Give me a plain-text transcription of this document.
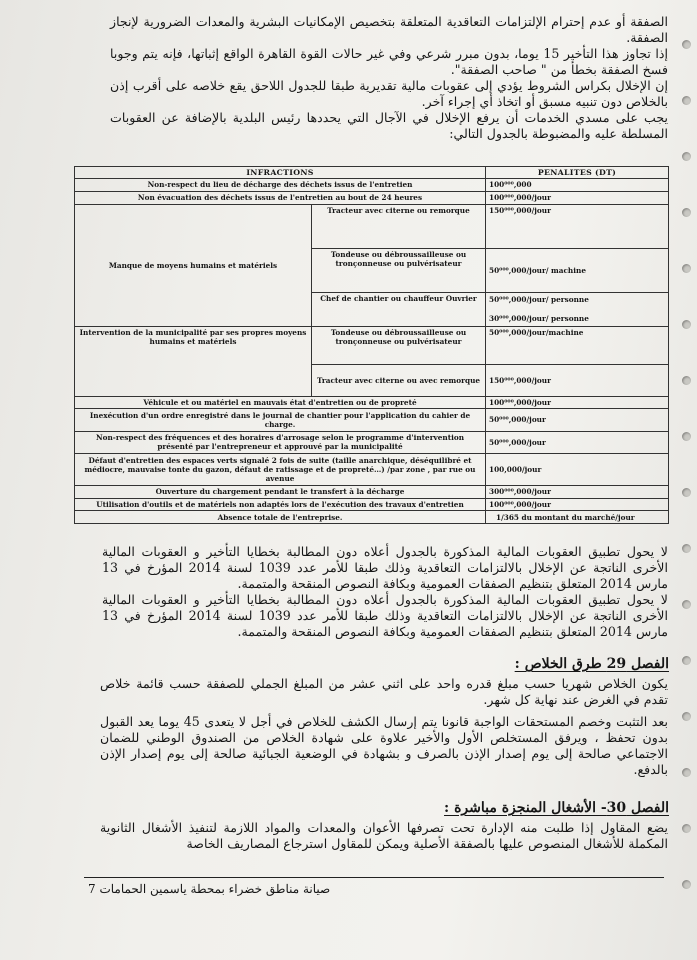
الصفقة أو عدم إحترام الإلتزامات التعاقدية المتعلقة بتخصيص الإمكانيات البشرية والمعدات الضرورية لإنجاز الصفقة.

إذا تجاوز هذا التأخير 15 يوما، بدون مبرر شرعي وفي غير حالات القوة القاهرة الواقع إثباتها، فإنه يتم وجوبا فسخ الصفقة بخطأ من " صاحب الصفقة".

إن الإخلال بكراس الشروط يؤدي إلى عقوبات مالية تقديرية طبقا للجدول اللاحق يقع خلاصه على أقرب إذن بالخلاص دون تنبيه مسبق أو اتخاذ أي إجراء آخر.

يجب على مسدي الخدمات أن يرفع الإخلال في الآجال التي يحددها رئيس البلدية بالإضافة عن العقوبات المسلطة عليه والمضبوطة بالجدول التالي:

INFRACTIONS		PENALITES (DT)
Non-respect du lieu de décharge des déchets issus de l'entretien		100⁰⁰⁰,000
Non évacuation des déchets issus de l'entretien au bout de 24 heures		100⁰⁰⁰,000/jour
Manque de moyens humains et matériels	Tracteur avec citerne ou remorque	150⁰⁰⁰,000/jour
	Tondeuse ou débroussailleuse ou tronçonneuse ou pulvérisateur	50⁰⁰⁰,000/jour/ machine
	Chef de chantier ou chauffeur Ouvrier	50⁰⁰⁰,000/jour/ personne
30⁰⁰⁰,000/jour/ personne

Intervention de la municipalité par ses propres moyens humains et matériels	Tondeuse ou débroussailleuse ou tronçonneuse ou pulvérisateur	50⁰⁰⁰,000/jour/machine
	Tracteur avec citerne ou avec remorque	150⁰⁰⁰,000/jour
Véhicule et ou matériel en mauvais état d'entretien ou de propreté		100⁰⁰⁰,000/jour
Inexécution d'un ordre enregistré dans le journal de chantier pour l'application du cahier de charge.		50⁰⁰⁰,000/jour
Non-respect des fréquences et des horaires d'arrosage selon le programme d'intervention présenté par l'entrepreneur et approuvé par la municipalité		50⁰⁰⁰,000/jour
Défaut d'entretien des espaces verts signalé 2 fois de suite (taille anarchique, déséquilibré et médiocre, mauvaise tonte du gazon, défaut de ratissage et de propreté…) /par zone , par rue ou avenue		100,000/jour
Ouverture du chargement pendant le transfert à la décharge		300⁰⁰⁰,000/jour
Utilisation d'outils et de matériels non adaptés lors de l'exécution des travaux d'entretien		100⁰⁰⁰,000/jour
Absence totale de l'entreprise.		1/365 du montant du marché/jour

لا يحول تطبيق العقوبات المالية المذكورة بالجدول أعلاه دون المطالبة بخطايا التأخير و العقوبات المالية الأخرى الناتجة عن الإخلال بالالتزامات التعاقدية وذلك طبقا للأمر عدد 1039 لسنة 2014 المؤرخ في 13 مارس 2014 المتعلق بتنظيم الصفقات العمومية وبكافة النصوص المنقحة والمتممة.

لا يحول تطبيق العقوبات المالية المذكورة بالجدول أعلاه دون المطالبة بخطايا التأخير و العقوبات المالية الأخرى الناتجة عن الإخلال بالالتزامات التعاقدية وذلك طبقا للأمر عدد 1039 لسنة 2014 المؤرخ في 13 مارس 2014 المتعلق بتنظيم الصفقات العمومية وبكافة النصوص المنقحة والمتممة.

الفصل 29 طرق الخلاص :

يكون الخلاص شهريا حسب مبلغ قدره واحد على اثني عشر من المبلغ الجملي للصفقة حسب قائمة خلاص تقدم في الغرض عند نهاية كل شهر.

بعد التثبت وخصم المستحقات الواجبة قانونا يتم إرسال الكشف للخلاص في أجل لا يتعدى 45 يوما يعد القبول بدون تحفظ ، ويرفق المستخلص الأول والأخير علاوة على شهادة الخلاص من الصندوق الوطني للضمان الاجتماعي صالحة إلى يوم إصدار الإذن بالصرف و بشهادة في الوضعية الجبائية صالحة إلى يوم إصدار الإذن بالدفع.

الفصل 30- الأشغال المنجزة مباشرة :

يضع المقاول إذا طلبت منه الإدارة تحت تصرفها الأعوان والمعدات والمواد اللازمة لتنفيذ الأشغال الثانوية المكملة للأشغال المنصوص عليها بالصفقة الأصلية ويمكن للمقاول استرجاع المصاريف الخاصة

صيانة مناطق خضراء بمحطة ياسمين الحمامات 7
